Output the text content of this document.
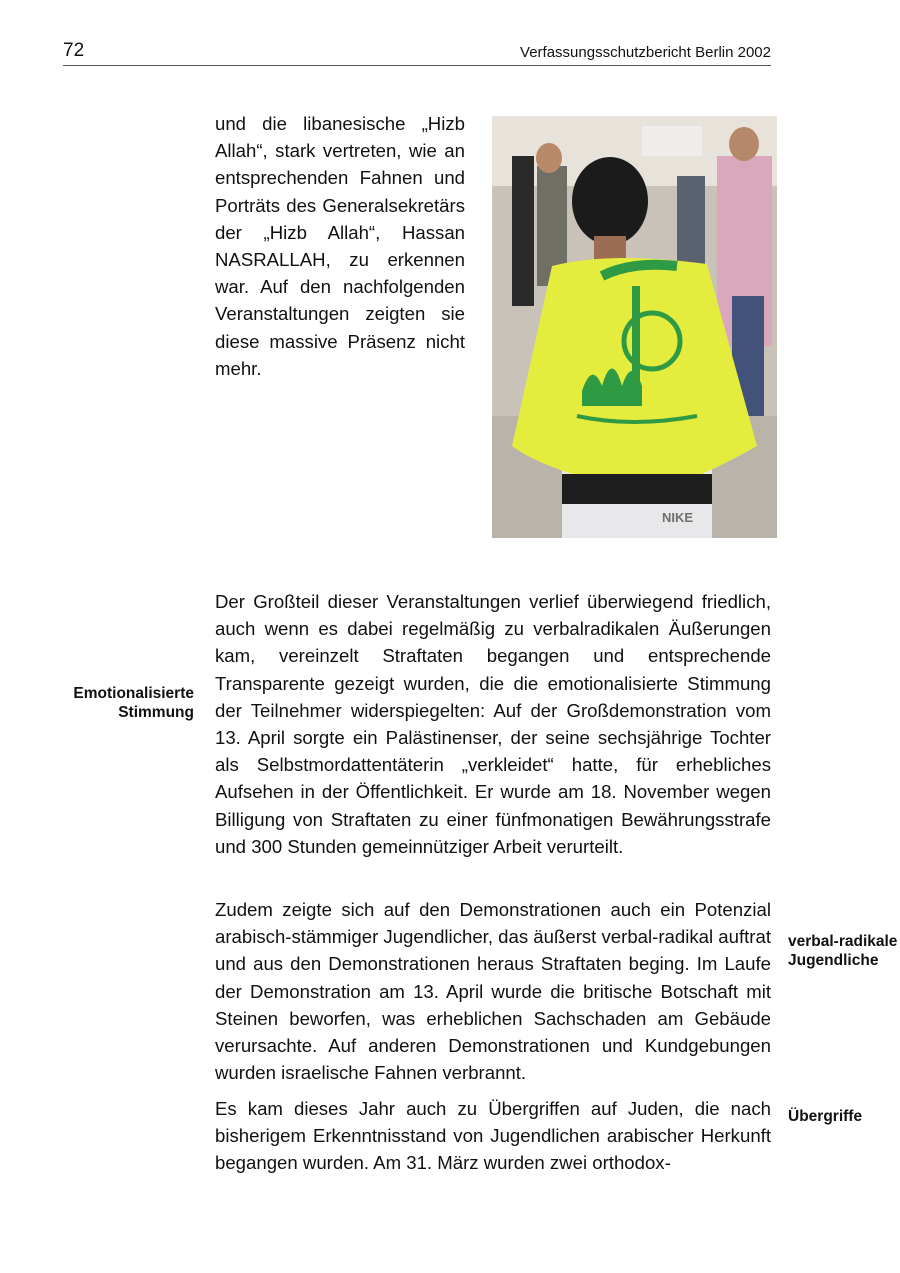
72	Verfassungsschutzbericht Berlin 2002
und die libanesische „Hizb Allah“, stark vertreten, wie an entsprechenden Fahnen und Porträts des Generalsekretärs der „Hizb Allah“, Hassan NASRALLAH, zu erkennen war. Auf den nachfolgenden Veranstaltungen zeigten sie diese massive Präsenz nicht mehr.
NIKE
Emotionalisierte Stimmung
Der Großteil dieser Veranstaltungen verlief überwiegend friedlich, auch wenn es dabei regelmäßig zu verbalradikalen Äußerungen kam, vereinzelt Straftaten begangen und entsprechende Transparente gezeigt wurden, die die emotionalisierte Stimmung der Teilnehmer widerspiegelten: Auf der Großdemonstration vom 13. April sorgte ein Palästinenser, der seine sechsjährige Tochter als Selbstmordattentäterin „verkleidet“ hatte, für erhebliches Aufsehen in der Öffentlichkeit. Er wurde am 18. November wegen Billigung von Straftaten zu einer fünfmonatigen Bewährungsstrafe und 300 Stunden gemeinnütziger Arbeit verurteilt.
verbal-radikale Jugendliche
Zudem zeigte sich auf den Demonstrationen auch ein Potenzial arabisch-stämmiger Jugendlicher, das äußerst verbal-radikal auftrat und aus den Demonstrationen heraus Straftaten beging. Im Laufe der Demonstration am 13. April wurde die britische Botschaft mit Steinen beworfen, was erheblichen Sachschaden am Gebäude verursachte. Auf anderen Demonstrationen und Kundgebungen wurden israelische Fahnen verbrannt.
Übergriffe
Es kam dieses Jahr auch zu Übergriffen auf Juden, die nach bisherigem Erkenntnisstand von Jugendlichen arabischer Herkunft begangen wurden. Am 31. März wurden zwei orthodox-
